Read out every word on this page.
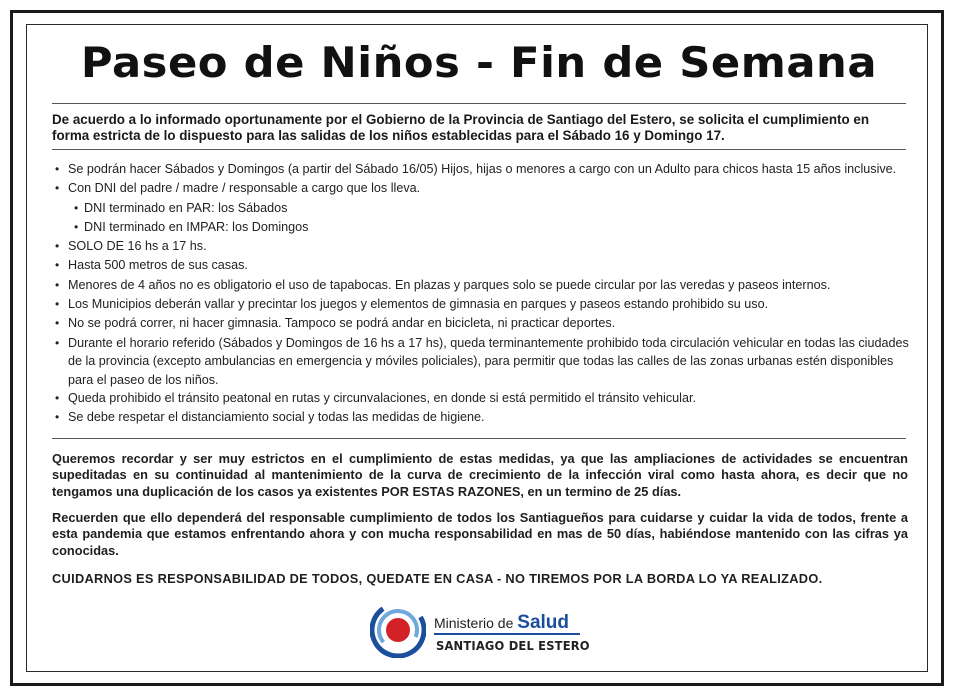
Paseo de Niños - Fin de Semana
De acuerdo a lo informado oportunamente por el Gobierno de la Provincia de Santiago del Estero, se solicita el cumplimiento en forma estricta de lo dispuesto para las salidas de los niños establecidas para el Sábado 16 y Domingo 17.
• Se podrán hacer Sábados y Domingos (a partir del Sábado 16/05) Hijos, hijas o menores a cargo con un Adulto para chicos hasta 15 años inclusive.
• Con DNI del padre / madre / responsable a cargo que los lleva.
• DNI terminado en PAR: los Sábados
• DNI terminado en IMPAR: los Domingos
• SOLO DE 16 hs a 17 hs.
• Hasta 500 metros de sus casas.
• Menores de 4 años no es obligatorio el uso de tapabocas. En plazas y parques solo se puede circular por las veredas y paseos internos.
• Los Municipios deberán vallar y precintar los juegos y elementos de gimnasia en parques y paseos estando prohibido su uso.
• No se podrá correr, ni hacer gimnasia. Tampoco se podrá andar en bicicleta, ni practicar deportes.
• Durante el horario referido (Sábados y Domingos de 16 hs a 17 hs), queda terminantemente prohibido toda circulación vehicular en todas las ciudades de la provincia (excepto ambulancias en emergencia y móviles policiales), para permitir que todas las calles de las zonas urbanas estén disponibles para el paseo de los niños.
• Queda prohibido el tránsito peatonal en rutas y circunvalaciones, en donde si está permitido el tránsito vehicular.
• Se debe respetar el distanciamiento social y todas las medidas de higiene.
Queremos recordar y ser muy estrictos en el cumplimiento de estas medidas, ya que las ampliaciones de actividades se encuentran supeditadas en su continuidad al mantenimiento de la curva de crecimiento de la infección viral como hasta ahora, es decir que no tengamos una duplicación de los casos ya existentes POR ESTAS RAZONES, en un termino de 25 días.
Recuerden que ello dependerá del responsable cumplimiento de todos los Santiagueños para cuidarse y cuidar la vida de todos, frente a esta pandemia que estamos enfrentando ahora y con mucha responsabilidad en mas de 50 días, habiéndose mantenido con las cifras ya conocidas.
CUIDARNOS ES RESPONSABILIDAD DE TODOS, QUEDATE EN CASA - NO TIREMOS POR LA BORDA LO YA REALIZADO.
Ministerio de Salud
SANTIAGO DEL ESTERO
